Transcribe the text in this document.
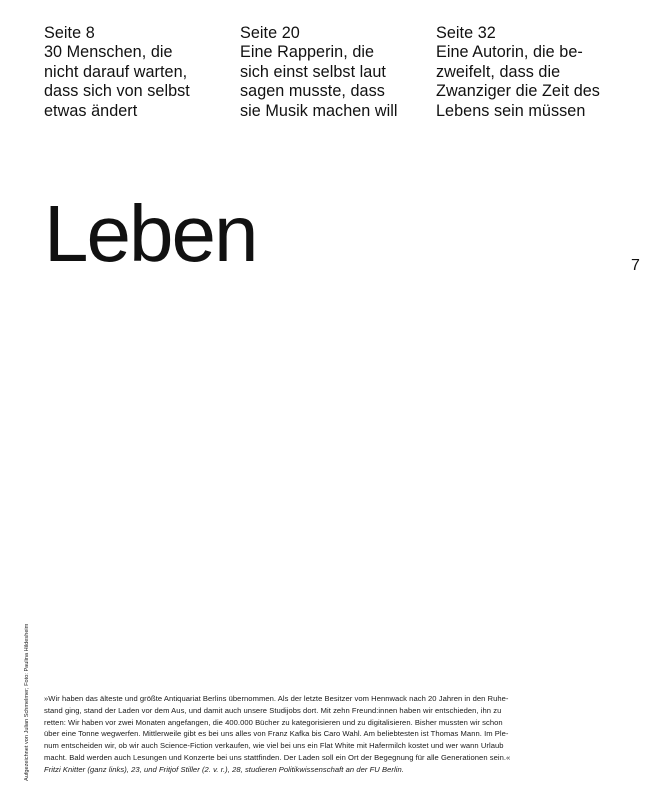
Seite 8
30 Menschen, die
nicht darauf warten,
dass sich von selbst
etwas ändert
Seite 20
Eine Rapperin, die
sich einst selbst laut
sagen musste, dass
sie Musik machen will
Seite 32
Eine Autorin, die be-
zweifelt, dass die
Zwanziger die Zeit des
Lebens sein müssen
Leben	7
Aufgezeichnet von Julian Schmelmer; Foto: Paulina Hildesheim »Wir haben das älteste und größte Antiquariat Berlins übernommen. Als der letzte Besitzer vom Hennwack nach 20 Jahren in den Ruhe-
stand ging, stand der Laden vor dem Aus, und damit auch unsere Studijobs dort. Mit zehn Freund:innen haben wir entschieden, ihn zu
retten: Wir haben vor zwei Monaten angefangen, die 400.000 Bücher zu kategorisieren und zu digitalisieren. Bisher mussten wir schon
über eine Tonne wegwerfen. Mittlerweile gibt es bei uns alles von Franz Kafka bis Caro Wahl. Am beliebtesten ist Thomas Mann. Im Ple-
num entscheiden wir, ob wir auch Science-Fiction verkaufen, wie viel bei uns ein Flat White mit Hafermilch kostet und wer wann Urlaub
macht. Bald werden auch Lesungen und Konzerte bei uns stattfinden. Der Laden soll ein Ort der Begegnung für alle Generationen sein.«
Fritzi Knitter (ganz links), 23, und Fritjof Stiller (2. v. r.), 28, studieren Politikwissenschaft an der FU Berlin.
